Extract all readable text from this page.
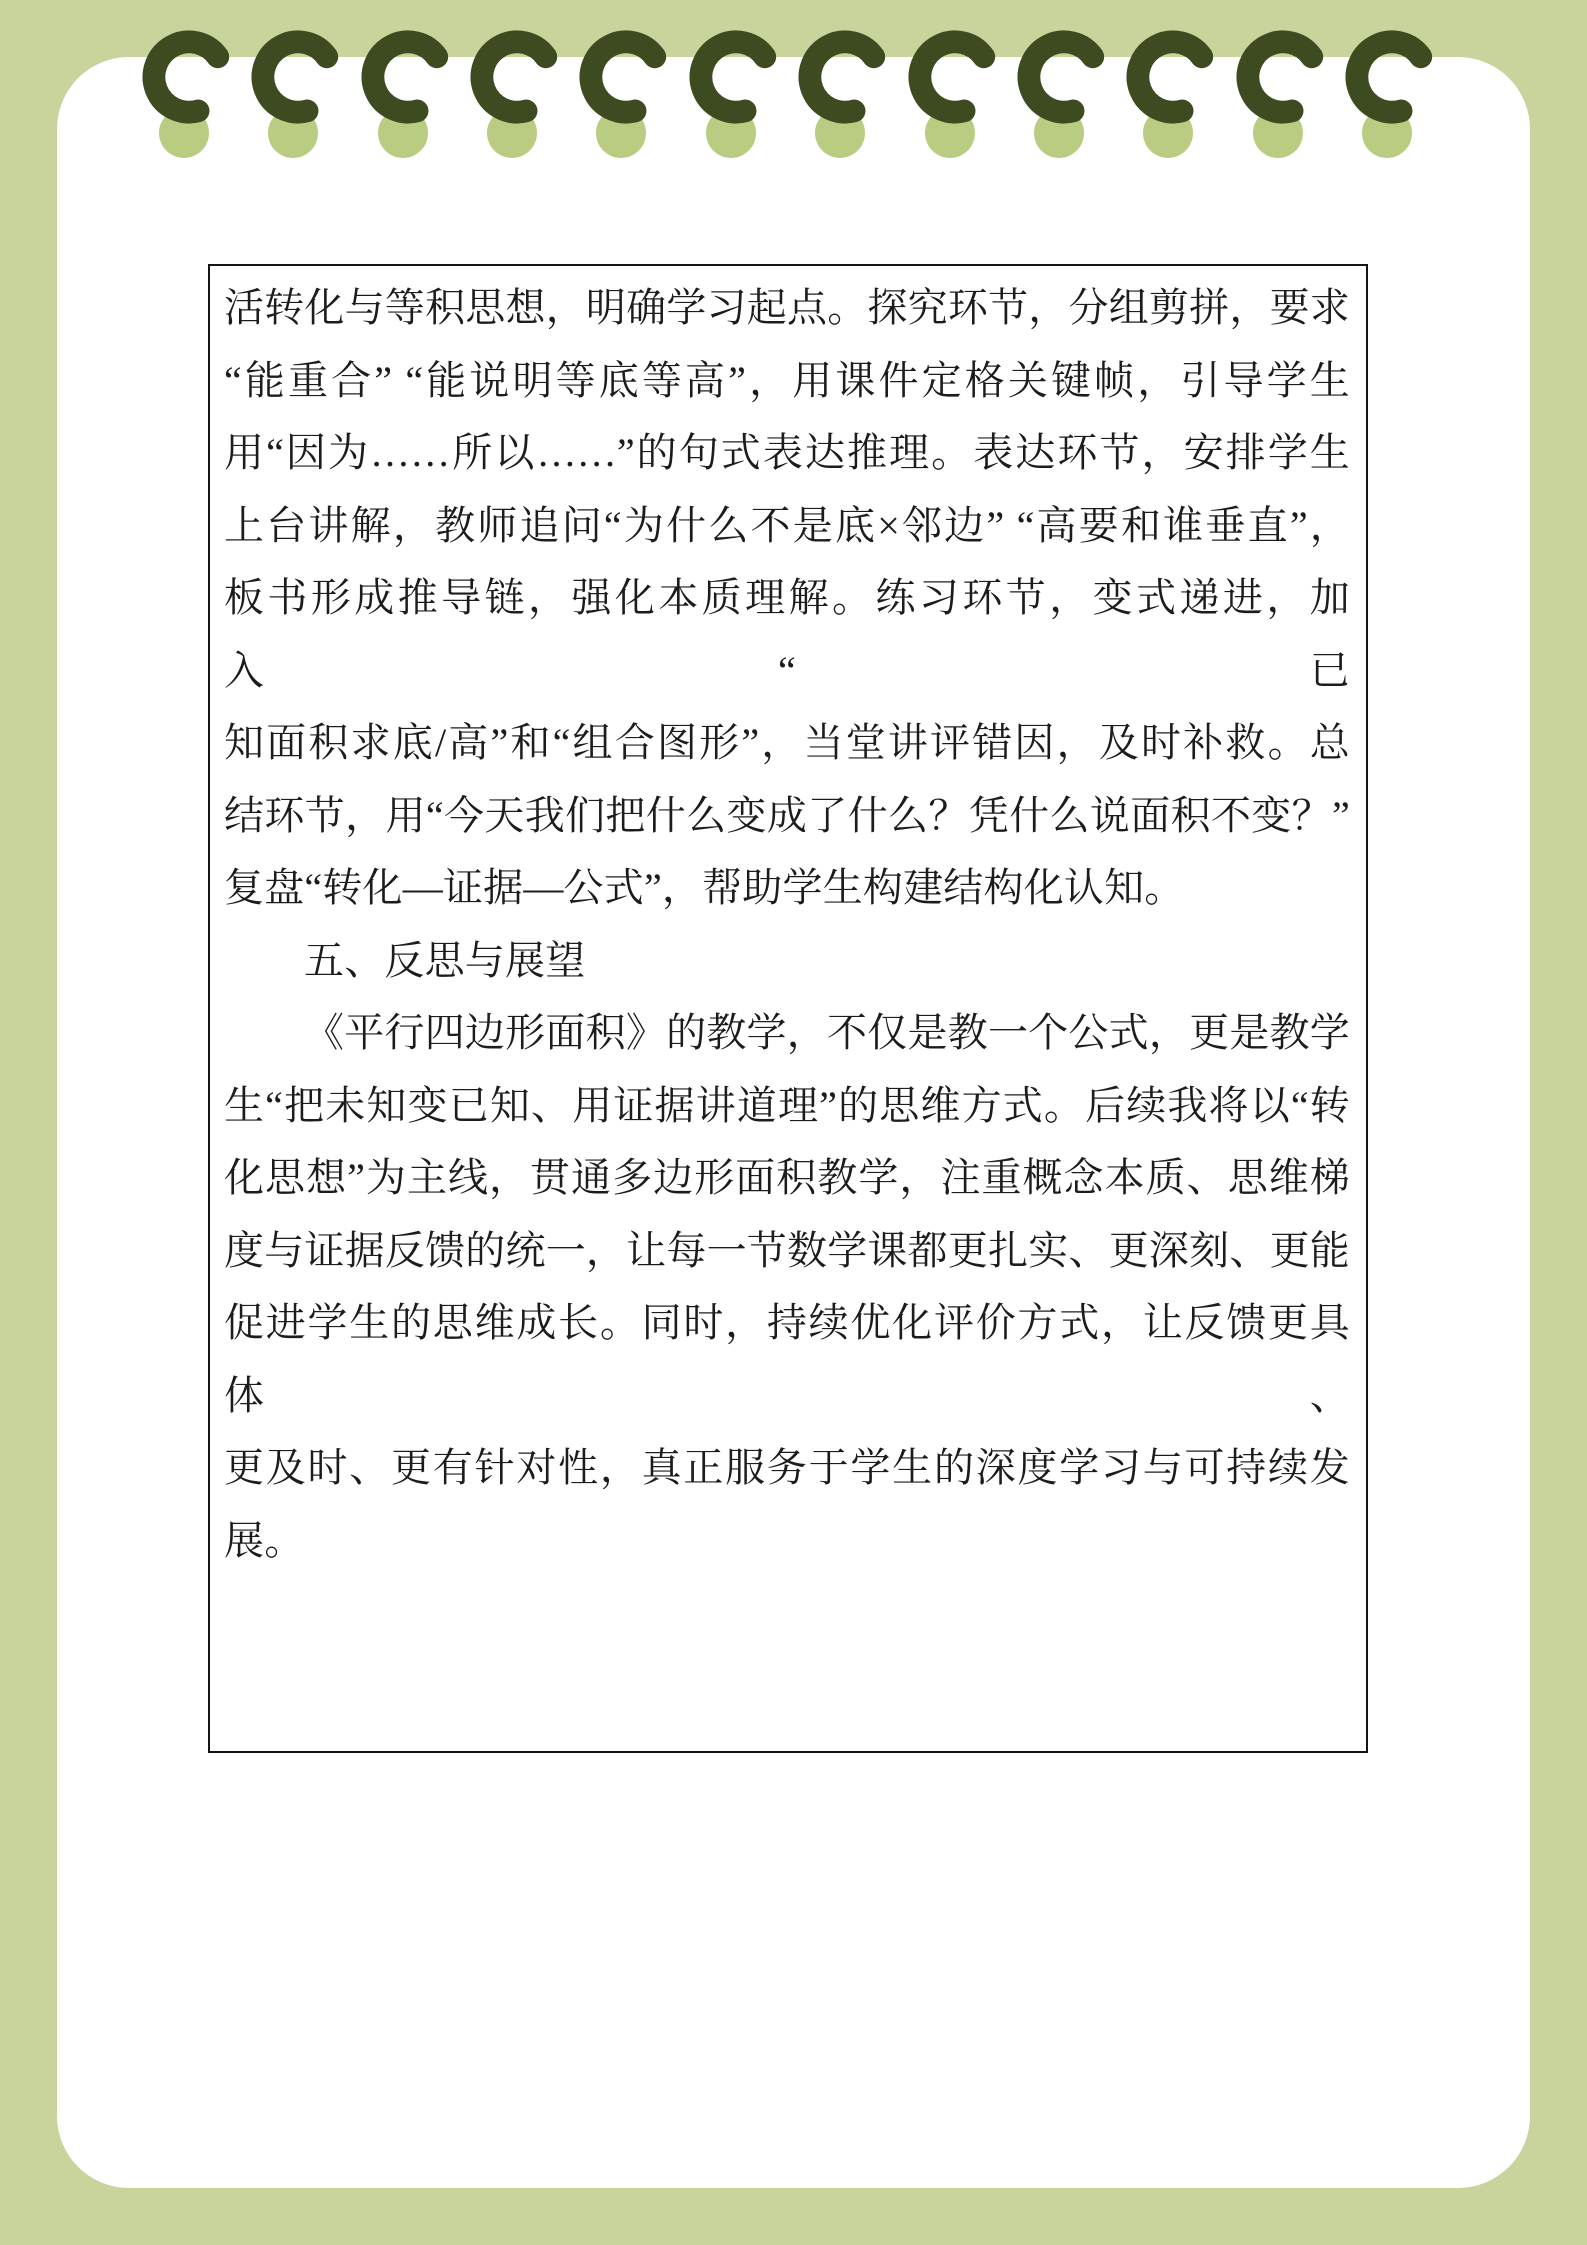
活转化与等积思想，明确学习起点。探究环节，分组剪拼，要求
“能重合” “能说明等底等高”，用课件定格关键帧，引导学生
用“因为……所以……”的句式表达推理。表达环节，安排学生
上台讲解，教师追问“为什么不是底×邻边” “高要和谁垂直”，
板书形成推导链，强化本质理解。练习环节，变式递进，加入“已
知面积求底/高”和“组合图形”，当堂讲评错因，及时补救。总
结环节，用“今天我们把什么变成了什么？凭什么说面积不变？”
复盘“转化—证据—公式”，帮助学生构建结构化认知。
五、反思与展望
《平行四边形面积》的教学，不仅是教一个公式，更是教学
生“把未知变已知、用证据讲道理”的思维方式。后续我将以“转
化思想”为主线，贯通多边形面积教学，注重概念本质、思维梯
度与证据反馈的统一，让每一节数学课都更扎实、更深刻、更能
促进学生的思维成长。同时，持续优化评价方式，让反馈更具体、
更及时、更有针对性，真正服务于学生的深度学习与可持续发展。
